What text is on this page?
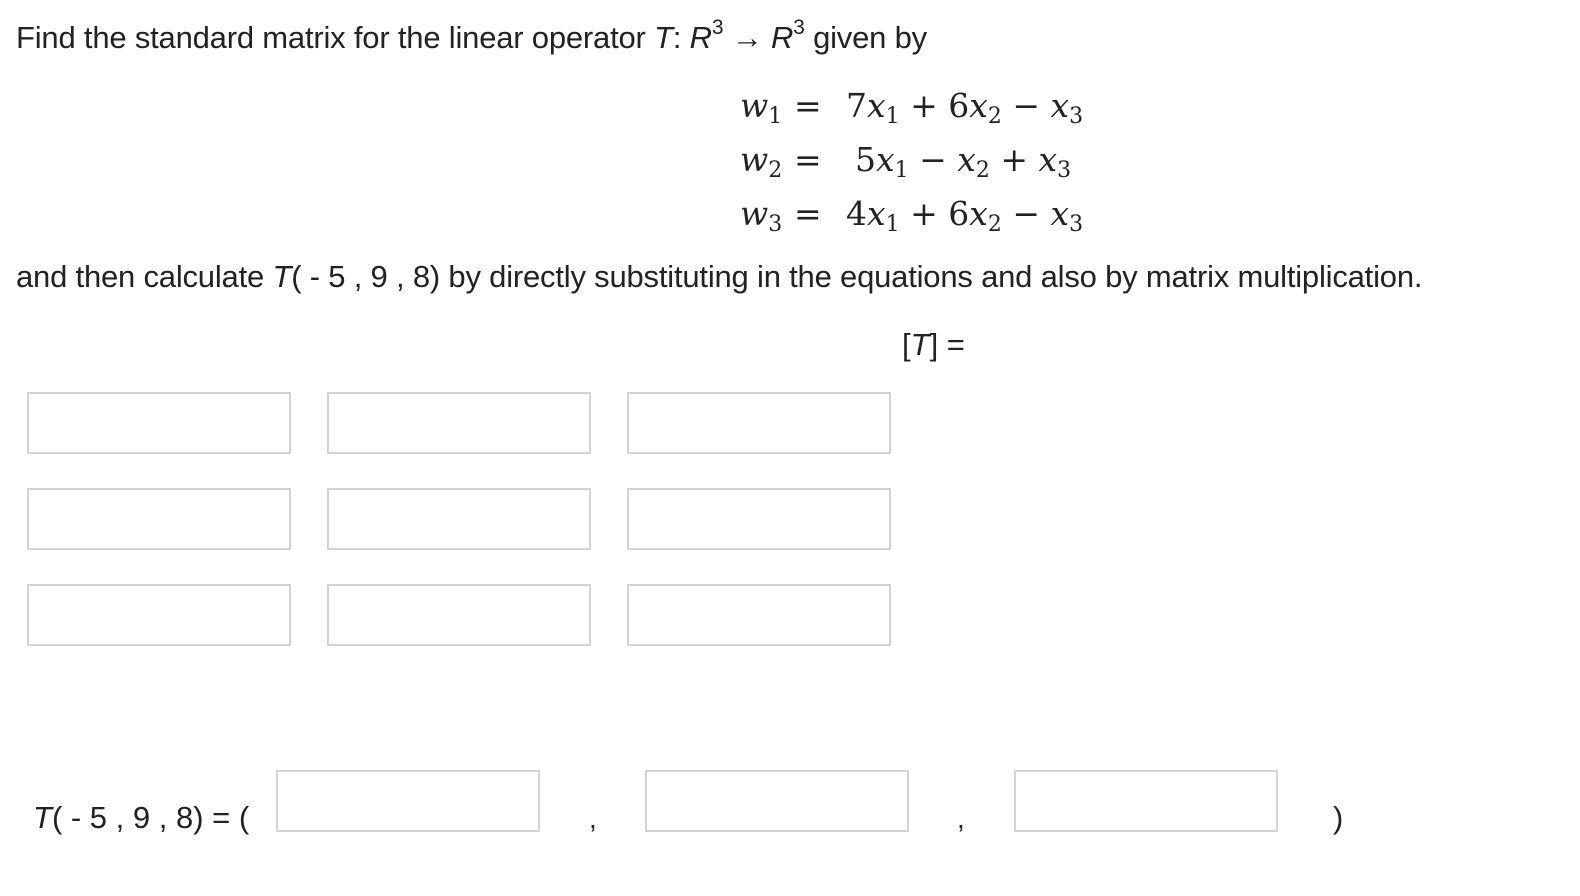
Find the standard matrix for the linear operator T: $R^3 \to R^3$ given by
$w_1 = 7x_1 + 6x_2 - x_3$
$w_2 = 5x_1 - x_2 + x_3$
$w_3 = 4x_1 + 6x_2 - x_3$
and then calculate T( - 5 , 9 , 8) by directly substituting in the equations and also by matrix multiplication.
[T] =
T( - 5 , 9 , 8) = (	,	,	)
